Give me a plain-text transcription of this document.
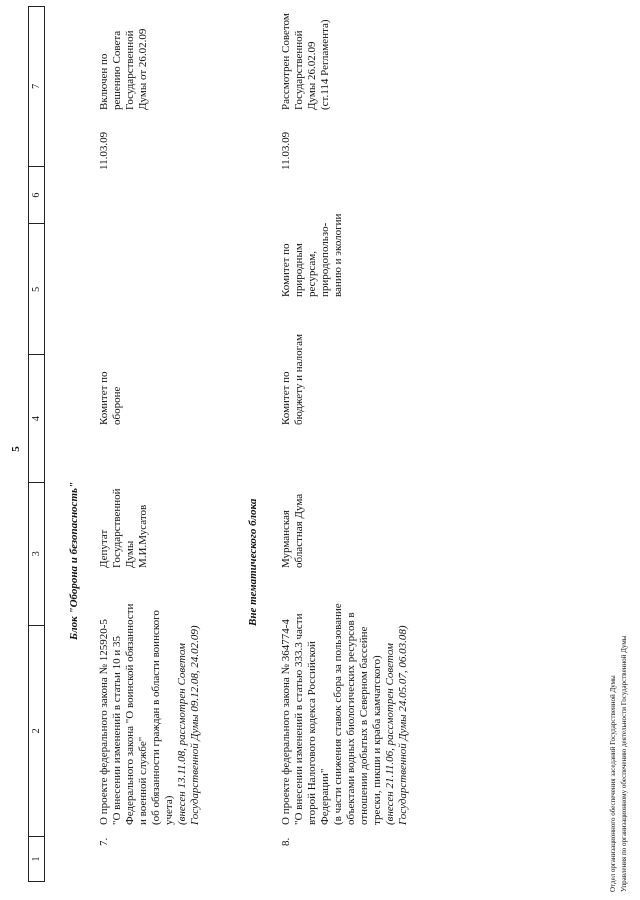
5
1
2
3
4
5
6
7
Блок "Оборона и безопасность"
7.
О проекте федерального закона № 125920-5 "О внесении изменений в статьи 10 и 35 Федерального закона "О воинской обязанности и военной службе" (об обязанности граждан в области воинского учета) (внесен 13.11.08, рассмотрен Советом Государственной Думы 09.12.08, 24.02.09)
Депутат Государственной Думы М.И.Мусатов
Комитет по обороне
11.03.09
Включен по решению Совета Государственной Думы от 26.02.09
Вне тематического блока
8.
О проекте федерального закона № 364774-4 "О внесении изменений в статью 333.3 части второй Налогового кодекса Российской Федерации" (в части снижения ставок сбора за пользование объектами водных биологических ресурсов в отношении добытых в Северном бассейне трески, пикши и краба камчатского) (внесен 21.11.06, рассмотрен Советом Государственной Думы 24.05.07, 06.03.08)
Мурманская областная Дума
Комитет по бюджету и налогам
Комитет по природным ресурсам, природопользо- ванию и экологии
11.03.09
Рассмотрен Советом Государственной Думы 26.02.09 (ст.114 Регламента)
Отдел организационного обеспечения заседаний Государственной Думы Управления по организационному обеспечению деятельности Государственной Думы
